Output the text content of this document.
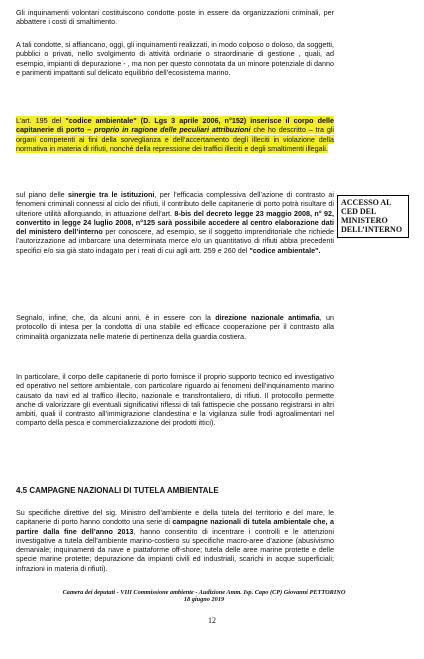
Gli inquinamenti volontari costituiscono condotte poste in essere da organizzazioni criminali, per abbattere i costi di smaltimento.
A tali condotte, si affiancano, oggi, gli inquinamenti realizzati, in modo colposo o doloso, da soggetti, pubblici o privati, nello svolgimento di attività ordinarie o straordinarie di gestione , quali, ad esempio, impianti di depurazione - , ma non per questo connotata da un minore potenziale di danno e parimenti impattanti sul delicato equilibrio dell’ecosistema marino.
L’art. 195 del "codice ambientale" (D. Lgs 3 aprile 2006, n°152) inserisce il corpo delle capitanerie di porto – proprio in ragione delle peculiari attribuzioni che ho descritto – tra gli organi competenti ai fini della sorveglianza e dell’accertamento degli illeciti in violazione della normativa in materia di rifiuti, nonché della repressione dei traffici illeciti e degli smaltimenti illegali.
sul piano delle sinergie tra le istituzioni, per l’efficacia complessiva dell’azione di contrasto ai fenomeni criminali connessi al ciclo dei rifiuti, il contributo delle capitanerie di porto potrà risultare di ulteriore utilità allorquando, in attuazione dell’art. 8-bis del decreto legge 23 maggio 2008, n° 92, convertito in legge 24 luglio 2008, n°125 sarà possibile accedere al centro elaborazione dati del ministero dell’interno per conoscere, ad esempio, se il soggetto imprenditoriale che richiede l’autorizzazione ad imbarcare una determinata merce e/o un quantitativo di rifiuti abbia precedenti specifici e/o sia già stato indagato per i reati di cui agli artt. 259 e 260 del "codice ambientale".
ACCESSO AL
CED DEL
MINISTERO
DELL’INTERNO
Segnalo, infine, che, da alcuni anni, è in essere con la direzione nazionale antimafia, un protocollo di intesa per la condotta di una stabile ed efficace cooperazione per il contrasto alla criminalità organizzata nelle materie di pertinenza della guardia costiera.
In particolare, il corpo delle capitanerie di porto fornisce il proprio supporto tecnico ed investigativo ed operativo nel settore ambientale, con particolare riguardo ai fenomeni dell’inquinamento marino causato da navi ed al traffico illecito, nazionale e transfrontaliero, di rifiuti. Il protocollo permette anche di valorizzare gli eventuali significativi riflessi di tali fattispecie che possano registrarsi in altri ambiti, quali il contrasto all’immigrazione clandestina e la vigilanza sulle frodi agroalimentari nel comparto della pesca e commercializzazione dei prodotti ittici).
4.5 CAMPAGNE NAZIONALI DI TUTELA AMBIENTALE
Su specifiche direttive del sig. Ministro dell’ambiente e della tutela del territorio e del mare, le capitanerie di porto hanno condotto una serie di campagne nazionali di tutela ambientale che, a partire dalla fine dell’anno 2013, hanno consentito di incentrare i controlli e le attenzioni investigative a tutela dell’ambiente marino-costiero su specifiche macro-aree d’azione (abusivismo demaniale; inquinamenti da nave e piattaforme off-shore; tutela delle aree marine protette e delle specie marine protette; depurazione da impianti civili ed industriali, scarichi in acque superficiali; infrazioni in materia di rifiuti).
Camera dei deputati - VIII Commissione ambiente - Audizione Amm. Isp. Capo (CP) Giovanni PETTORINO
18 giugno 2019
12
